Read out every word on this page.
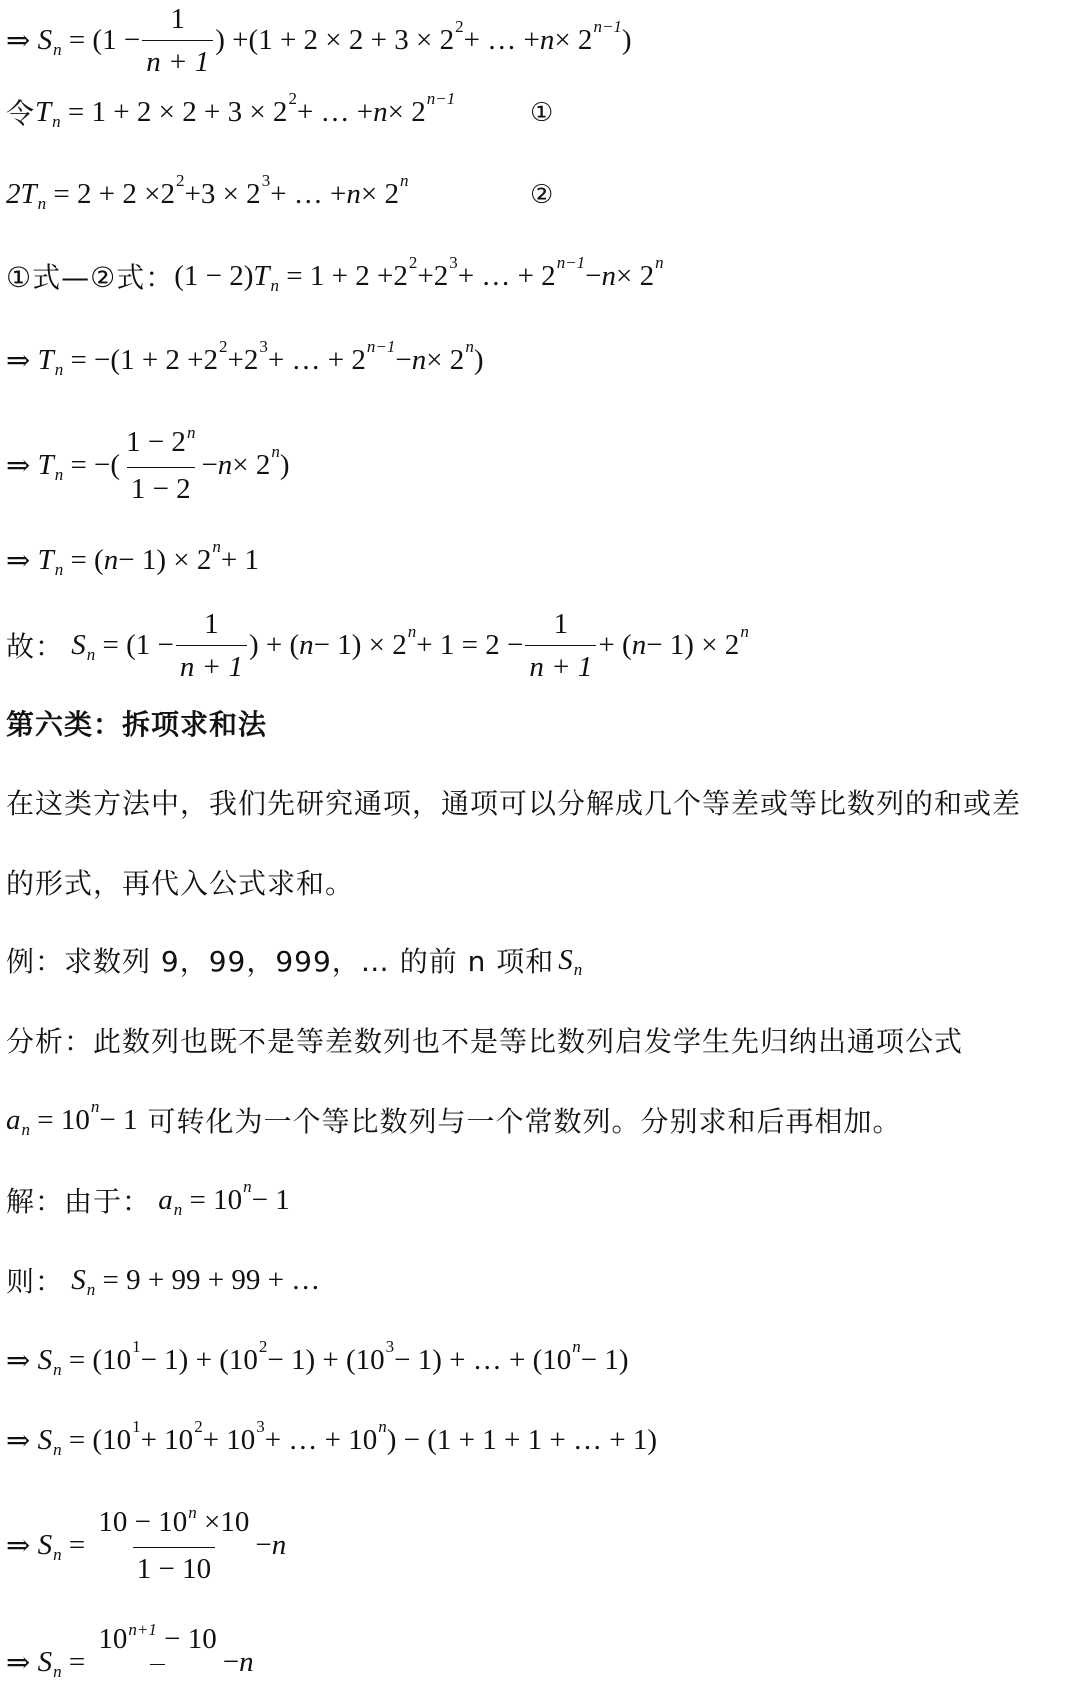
⇒
S n
= ($1 - \frac{1}{n + 1}$ ) + (1 + 2 × 2 + 3 × 2 2 + … + n × 2 n−1 )
令 T n
= 1 + 2 × 2 + 3 × 2 2 + … + n × 2 n−1	①
2T n
= 2 + 2 ×2 2 +3 × 2 3 + … + n × 2 n	②
①式—②式： (1 − 2) T n
= 1 + 2 +2 2 +2 3 + … + 2 n−1 − n × 2 n
⇒
T n
= −(1 + 2 +2 2 +2 3 + … + 2 n−1 − n × 2 n )
⇒
T n
= −( $\frac{1 - 2^n}{1 - 2} - n \times 2$ n )
⇒
T n
= ( n − 1) × 2 n + 1
故：
S n
= ($1 - \frac{1}{n + 1}$ ) + ( n − 1) × 2 $n + 1 = 2 - \frac{1}{n + 1}$ + ( n − 1) × 2 n
第六类：拆项求和法
在这类方法中，我们先研究通项，通项可以分解成几个等差或等比数列的和或差
的形式，再代入公式求和。
例：求数列 9，99，999，… 的前 n 项和 S n
分析：此数列也既不是等差数列也不是等比数列启发学生先归纳出通项公式
a n
= 10 n − 1 可转化为一个等比数列与一个常数列。分别求和后再相加。
解：由于：
a n
= 10 n − 1
则：
S n
= 9 + 99 + 99 + …
⇒
S n
= (10 1 − 1) + (10 2 − 1) + (10 3 − 1) + … + (10 n − 1)
⇒
S n
= (10 1 + 10 2 + 10 3 + … + 10 n ) − (1 + 1 + 1 + … + 1)
⇒
S n
=
$\frac{10 - 10^n \times 10}{1 - 10} - n$
⇒
S n
=

$10^{n+1} - 10$

− n
